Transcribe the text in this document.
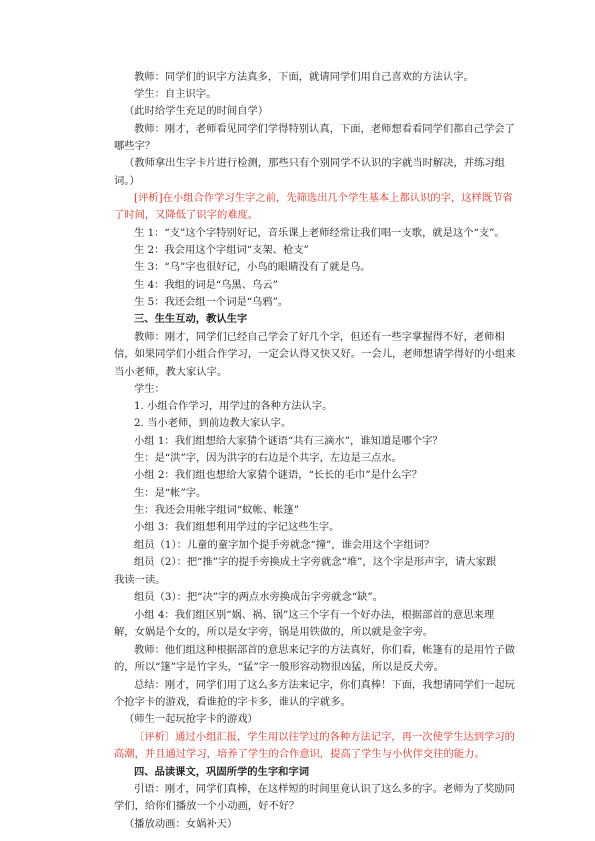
教师：同学们的识字方法真多，下面，就请同学们用自己喜欢的方法认字。
学生：自主识字。
（此时给学生充足的时间自学）
教师：刚才，老师看见同学们学得特别认真，下面，老师想看看同学们都自己学会了
哪些字？
（教师拿出生字卡片进行检测，那些只有个别同学不认识的字就当时解决，并练习组
词。）
[评析]在小组合作学习生字之前，先筛选出几个学生基本上都认识的字，这样既节省
了时间，又降低了识字的难度。
生 1：“支”这个字特别好记，音乐课上老师经常让我们唱一支歌，就是这个“支”。
生 2：我会用这个字组词“支架、枪支”
生 3：“乌”字也很好记，小鸟的眼睛没有了就是乌。
生 4：我组的词是“乌黑、乌云”
生 5：我还会组一个词是“乌鸦”。
三、生生互动，教认生字
教师：刚才，同学们已经自己学会了好几个字，但还有一些字掌握得不好，老师相
信，如果同学们小组合作学习，一定会认得又快又好。一会儿，老师想请学得好的小组来
当小老师，教大家认字。
学生：
1. 小组合作学习，用学过的各种方法认字。
2. 当小老师，到前边教大家认字。
小组 1：我们组想给大家猜个谜语“共有三滴水”，谁知道是哪个字？
生：是“洪”字，因为洪字的右边是个共字，左边是三点水。
小组 2：我们组也想给大家猜个谜语，“长长的毛巾”是什么字？
生：是“帐”字。
生：我还会用帐字组词“蚊帐、帐篷”
小组 3：我们组想利用学过的字记这些生字。
组员（1）：儿童的童字加个提手旁就念“撞”，谁会用这个字组词？
组员（2）：把“推”字的提手旁换成土字旁就念“堆”，这个字是形声字，请大家跟
我读一读。
组员（3）：把“决”字的两点水旁换成缶字旁就念“缺”。
小组 4：我们组区别“娲、祸、锅”这三个字有一个好办法，根据部首的意思来理
解，女娲是个女的，所以是女字旁，锅是用铁做的，所以就是金字旁。
教师：他们组这种根据部首的意思来记字的方法真好，你们看，帐篷有的是用竹子做
的，所以“篷”字是竹字头，“猛”字一般形容动物很凶猛，所以是反犬旁。
总结：刚才，同学们用了这么多方法来记字，你们真棒！下面，我想请同学们一起玩
个抢字卡的游戏，看谁抢的字卡多，谁认的字就多。
（师生一起玩抢字卡的游戏）
〔评析〕通过小组汇报，学生用以往学过的各种方法记字，再一次使学生达到学习的
高潮，并且通过学习，培养了学生的合作意识，提高了学生与小伙伴交往的能力。
四、品读课文，巩固所学的生字和字词
引语：刚才，同学们真棒，在这样短的时间里竟认识了这么多的字。老师为了奖励同
学们，给你们播放一个小动画，好不好？
（播放动画：女娲补天）
